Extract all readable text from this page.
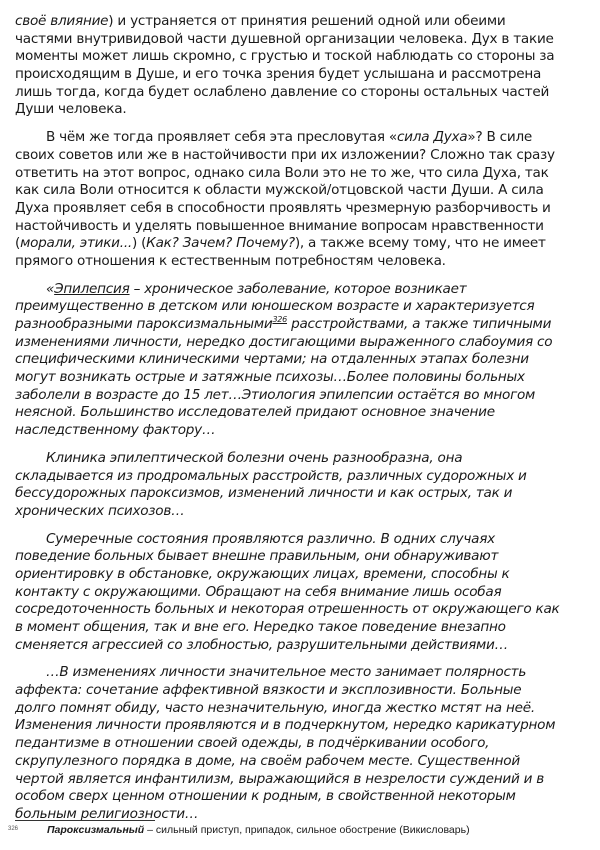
своё влияние) и устраняется от принятия решений одной или обеими
частями внутривидовой части душевной организации человека. Дух в такие
моменты может лишь скромно, с грустью и тоской наблюдать со стороны за
происходящим в Душе, и его точка зрения будет услышана и рассмотрена
лишь тогда, когда будет ослаблено давление со стороны остальных частей
Души человека.
В чём же тогда проявляет себя эта пресловутая «сила Духа»? В силе
своих советов или же в настойчивости при их изложении? Сложно так сразу
ответить на этот вопрос, однако сила Воли это не то же, что сила Духа, так
как сила Воли относится к области мужской/отцовской части Души. А сила
Духа проявляет себя в способности проявлять чрезмерную разборчивость и
настойчивость и уделять повышенное внимание вопросам нравственности
(морали, этики...) (Как? Зачем? Почему?), а также всему тому, что не имеет
прямого отношения к естественным потребностям человека.
«Эпилепсия – хроническое заболевание, которое возникает
преимущественно в детском или юношеском возрасте и характеризуется
разнообразными пароксизмальными$^{326}$ расстройствами, а также типичными
изменениями личности, нередко достигающими выраженного слабоумия со
специфическими клиническими чертами; на отдаленных этапах болезни
могут возникать острые и затяжные психозы…Более половины больных
заболели в возрасте до 15 лет…Этиология эпилепсии остаётся во многом
неясной. Большинство исследователей придают основное значение
наследственному фактору…
Клиника эпилептической болезни очень разнообразна, она
складывается из продромальных расстройств, различных судорожных и
бессудорожных пароксизмов, изменений личности и как острых, так и
хронических психозов…
Сумеречные состояния проявляются различно. В одних случаях
поведение больных бывает внешне правильным, они обнаруживают
ориентировку в обстановке, окружающих лицах, времени, способны к
контакту с окружающими. Обращают на себя внимание лишь особая
сосредоточенность больных и некоторая отрешенность от окружающего как
в момент общения, так и вне его. Нередко такое поведение внезапно
сменяется агрессией со злобностью, разрушительными действиями…
…В изменениях личности значительное место занимает полярность
аффекта: сочетание аффективной вязкости и эксплозивности. Больные
долго помнят обиду, часто незначительную, иногда жестко мстят на неё.
Изменения личности проявляются и в подчеркнутом, нередко карикатурном
педантизме в отношении своей одежды, в подчёркивании особого,
скрупулезного порядка в доме, на своём рабочем месте. Существенной
чертой является инфантилизм, выражающийся в незрелости суждений и в
особом сверх ценном отношении к родным, в свойственной некоторым
больным религиозности…
$^{326}$	Пароксизмальный – сильный приступ, припадок, сильное обострение (Викисловарь)
